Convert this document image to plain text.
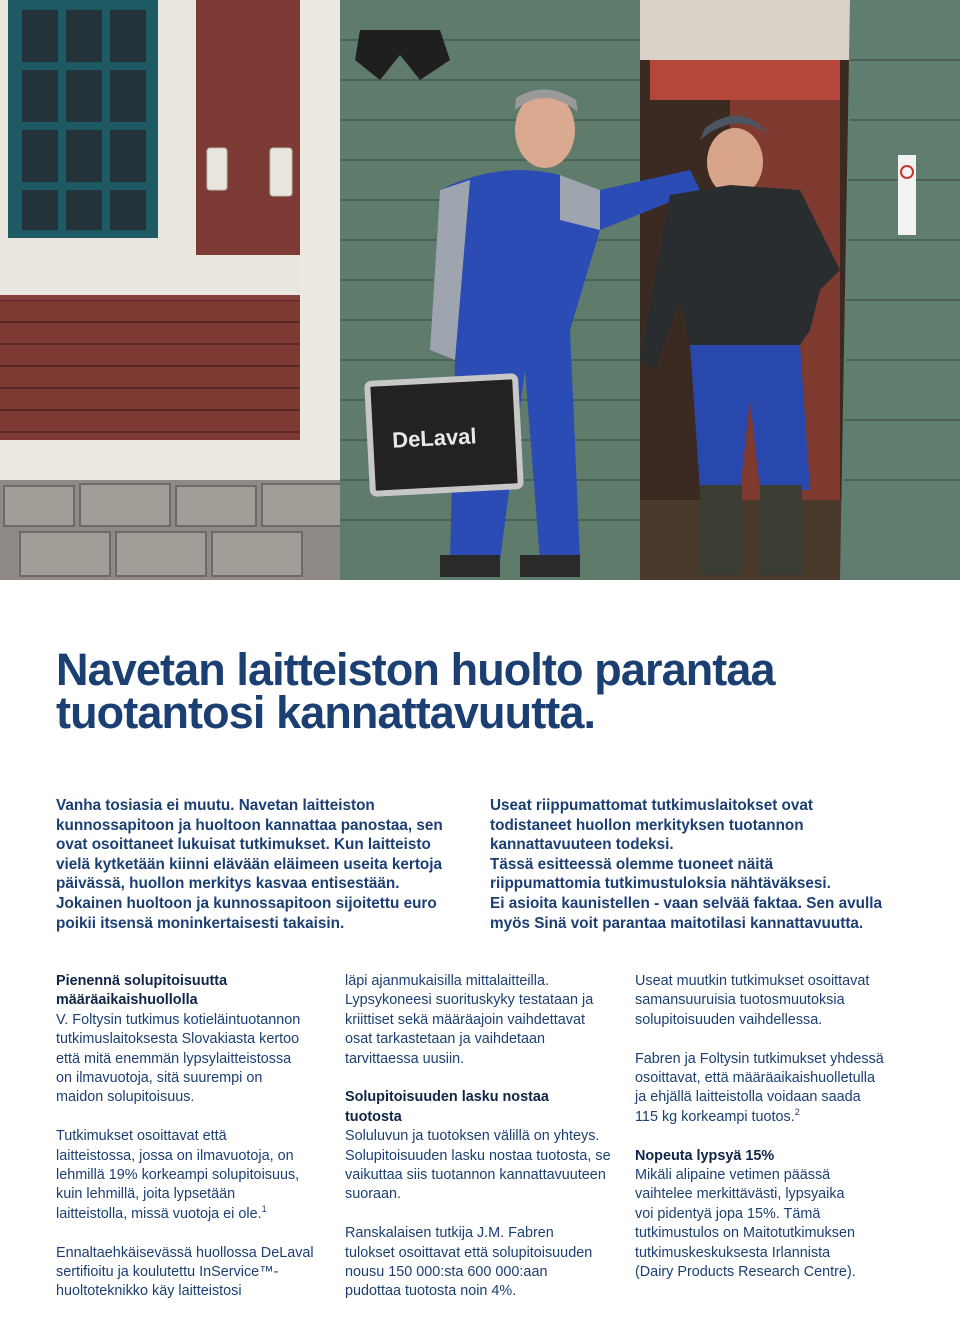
DeLaval
Navetan laitteiston huolto parantaa
tuotantosi kannattavuutta.

Vanha tosiasia ei muutu. Navetan laitteiston
kunnossapitoon ja huoltoon kannattaa panostaa, sen
ovat osoittaneet lukuisat tutkimukset. Kun laitteisto
vielä kytketään kiinni elävään eläimeen useita kertoja
päivässä, huollon merkitys kasvaa entisestään.
Jokainen huoltoon ja kunnossapitoon sijoitettu euro
poikii itsensä moninkertaisesti takaisin.

Useat riippumattomat tutkimuslaitokset ovat
todistaneet huollon merkityksen tuotannon
kannattavuuteen todeksi.
Tässä esitteessä olemme tuoneet näitä
riippumattomia tutkimustuloksia nähtäväksesi.
Ei asioita kaunistellen - vaan selvää faktaa. Sen avulla
myös Sinä voit parantaa maitotilasi kannattavuutta.

Pienennä solupitoisuutta
määräaikaishuollolla

V. Foltysin tutkimus kotieläintuotannon
tutkimuslaitoksesta Slovakiasta kertoo
että mitä enemmän lypsylaitteistossa
on ilmavuotoja, sitä suurempi on
maidon solupitoisuus.

Tutkimukset osoittavat että
laitteistossa, jossa on ilmavuotoja, on
lehmillä 19% korkeampi solupitoisuus,
kuin lehmillä, joita lypsetään
laitteistolla, missä vuotoja ei ole.$^1$

Ennaltaehkäisevässä huollossa DeLaval
sertifioitu ja koulutettu InService™-
huoltoteknikko käy laitteistosi

läpi ajanmukaisilla mittalaitteilla.
Lypsykoneesi suorituskyky testataan ja
kriittiset sekä määräajoin vaihdettavat
osat tarkastetaan ja vaihdetaan
tarvittaessa uusiin.

Solupitoisuuden lasku nostaa
tuotosta

Soluluvun ja tuotoksen välillä on yhteys.
Solupitoisuuden lasku nostaa tuotosta, se
vaikuttaa siis tuotannon kannattavuuteen
suoraan.

Ranskalaisen tutkija J.M. Fabren
tulokset osoittavat että solupitoisuuden
nousu 150 000:sta 600 000:aan
pudottaa tuotosta noin 4%.

Useat muutkin tutkimukset osoittavat
samansuuruisia tuotosmuutoksia
solupitoisuuden vaihdellessa.

Fabren ja Foltysin tutkimukset yhdessä
osoittavat, että määräaikaishuolletulla
ja ehjällä laitteistolla voidaan saada
115 kg korkeampi tuotos.$^2$

Nopeuta lypsyä 15%

Mikäli alipaine vetimen päässä
vaihtelee merkittävästi, lypsyaika
voi pidentyä jopa 15%. Tämä
tutkimustulos on Maitotutkimuksen
tutkimuskeskuksesta Irlannista
(Dairy Products Research Centre).
